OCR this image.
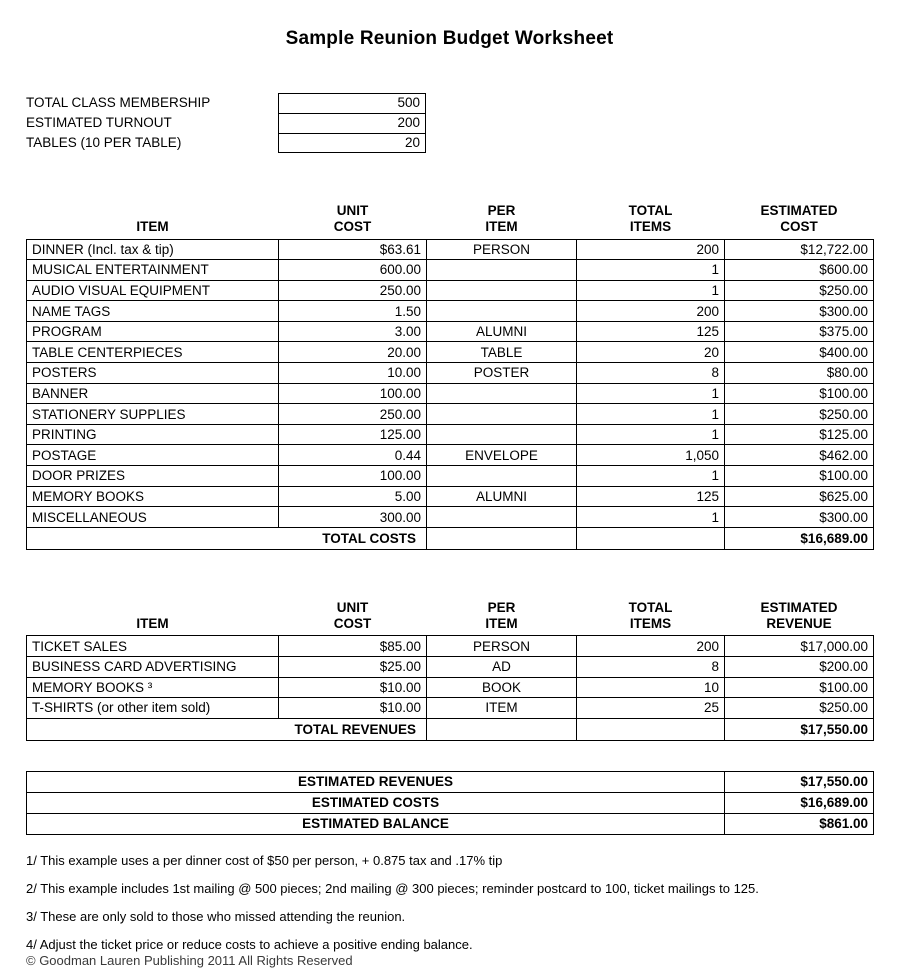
Sample Reunion Budget Worksheet
TOTAL CLASS MEMBERSHIP	500
ESTIMATED TURNOUT	200
TABLES (10 PER TABLE)	20
	UNIT	PER	TOTAL	ESTIMATED
ITEM	COST	ITEM	ITEMS	COST
DINNER (Incl. tax & tip)	$63.61	PERSON	200	$12,722.00
MUSICAL ENTERTAINMENT	600.00		1	$600.00
AUDIO VISUAL EQUIPMENT	250.00		1	$250.00
NAME TAGS	1.50		200	$300.00
PROGRAM	3.00	ALUMNI	125	$375.00
TABLE CENTERPIECES	20.00	TABLE	20	$400.00
POSTERS	10.00	POSTER	8	$80.00
BANNER	100.00		1	$100.00
STATIONERY SUPPLIES	250.00		1	$250.00
PRINTING	125.00		1	$125.00
POSTAGE	0.44	ENVELOPE	1,050	$462.00
DOOR PRIZES	100.00		1	$100.00
MEMORY BOOKS	5.00	ALUMNI	125	$625.00
MISCELLANEOUS	300.00		1	$300.00
TOTAL COSTS				$16,689.00
	UNIT	PER	TOTAL	ESTIMATED
ITEM	COST	ITEM	ITEMS	REVENUE
TICKET SALES	$85.00	PERSON	200	$17,000.00
BUSINESS CARD ADVERTISING	$25.00	AD	8	$200.00
MEMORY BOOKS ³	$10.00	BOOK	10	$100.00
T-SHIRTS (or other item sold)	$10.00	ITEM	25	$250.00
TOTAL REVENUES				$17,550.00
ESTIMATED REVENUES	$17,550.00
ESTIMATED COSTS	$16,689.00
ESTIMATED BALANCE	$861.00

1/ This example uses a per dinner cost of $50 per person, + 0.875 tax and .17% tip

2/ This example includes 1st mailing @ 500 pieces; 2nd mailing @ 300 pieces; reminder postcard to 100, ticket mailings to 125.

3/ These are only sold to those who missed attending the reunion.

4/ Adjust the ticket price or reduce costs to achieve a positive ending balance.

© Goodman Lauren Publishing 2011 All Rights Reserved
